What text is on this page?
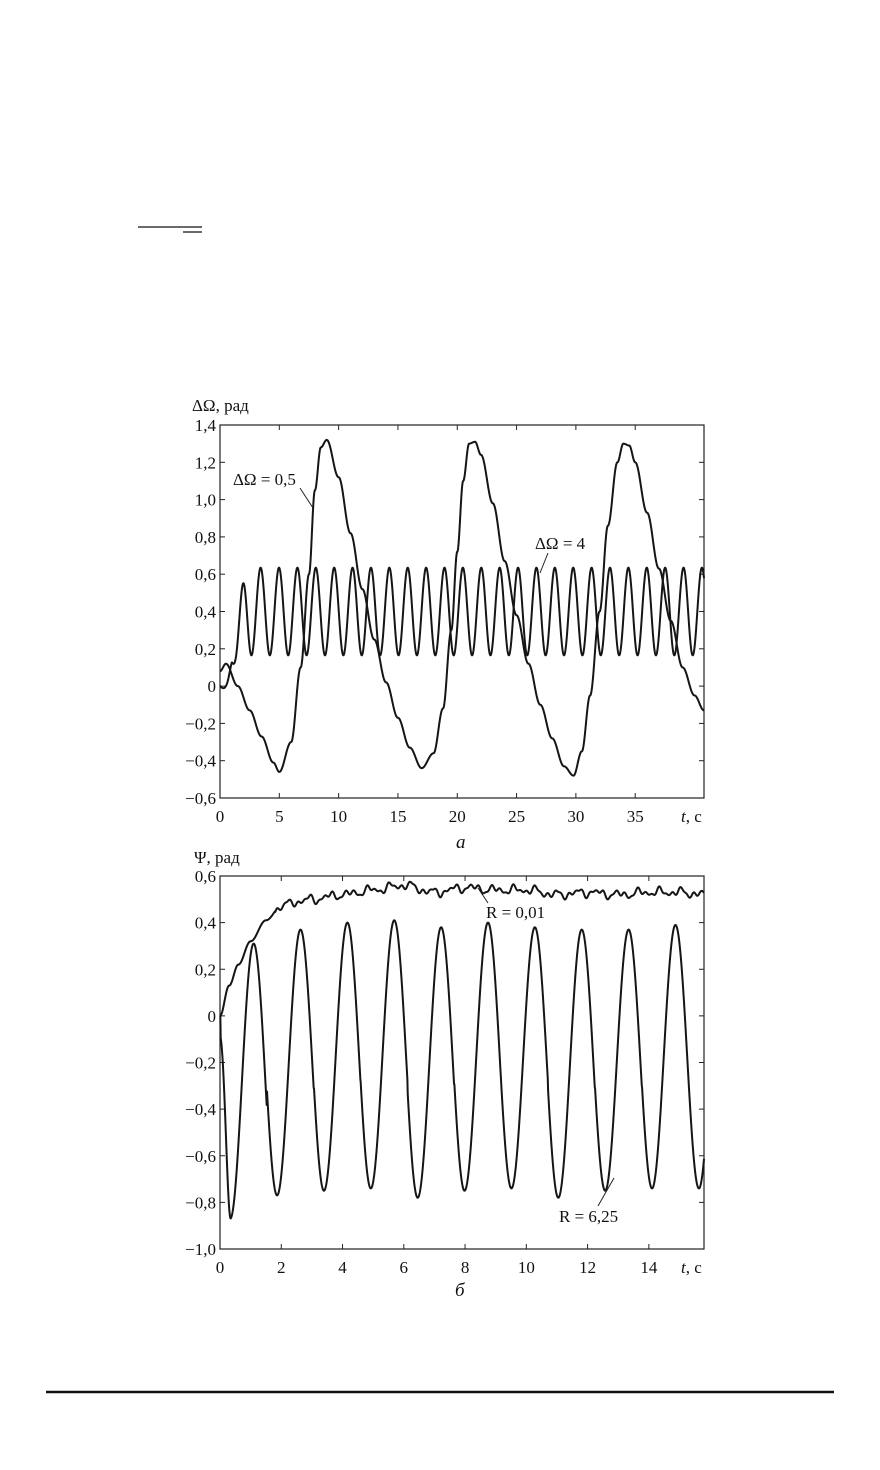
ΔΩ, рад
1,4
1,2
1,0
0,8
0,6
0,4
0,2
0
−0,2
−0,4
−0,6
0	5	10 15 20 25 30 35 t, с
а
ΔΩ = 0,5
ΔΩ = 4
Ψ, рад
0,6
0,4
0,2
0
−0,2
−0,4
−0,6
−0,8
−1,0
0	2	4	6	8	10	12	14 t, с
б
R = 0,01
R = 6,25
